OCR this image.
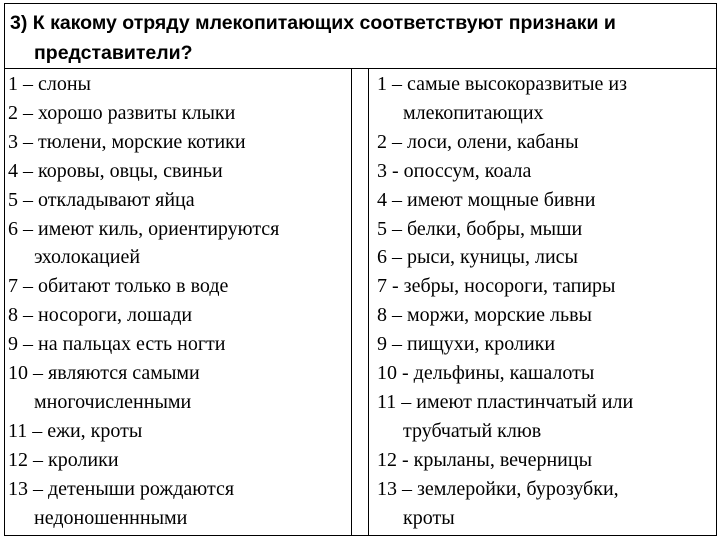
3) К какому отряду млекопитающих соответствуют признаки и
представители?
1 – слоны
2 – хорошо развиты клыки
3 – тюлени, морские котики
4 – коровы, овцы, свиньи
5 – откладывают яйца
6 – имеют киль, ориентируются
эхолокацией
7 – обитают только в воде
8 – носороги, лошади
9 – на пальцах есть ногти
10 – являются самыми
многочисленными
11 – ежи, кроты
12 – кролики
13 – детеныши рождаются
недоношеннными
1 – самые высокоразвитые из
млекопитающих
2 – лоси, олени, кабаны
3 - опоссум, коала
4 – имеют мощные бивни
5 – белки, бобры, мыши
6 – рыси, куницы, лисы
7 - зебры, носороги, тапиры
8 – моржи, морские львы
9 – пищухи, кролики
10 - дельфины, кашалоты
11 – имеют пластинчатый или
трубчатый клюв
12 - крыланы, вечерницы
13 – землеройки, бурозубки,
кроты
